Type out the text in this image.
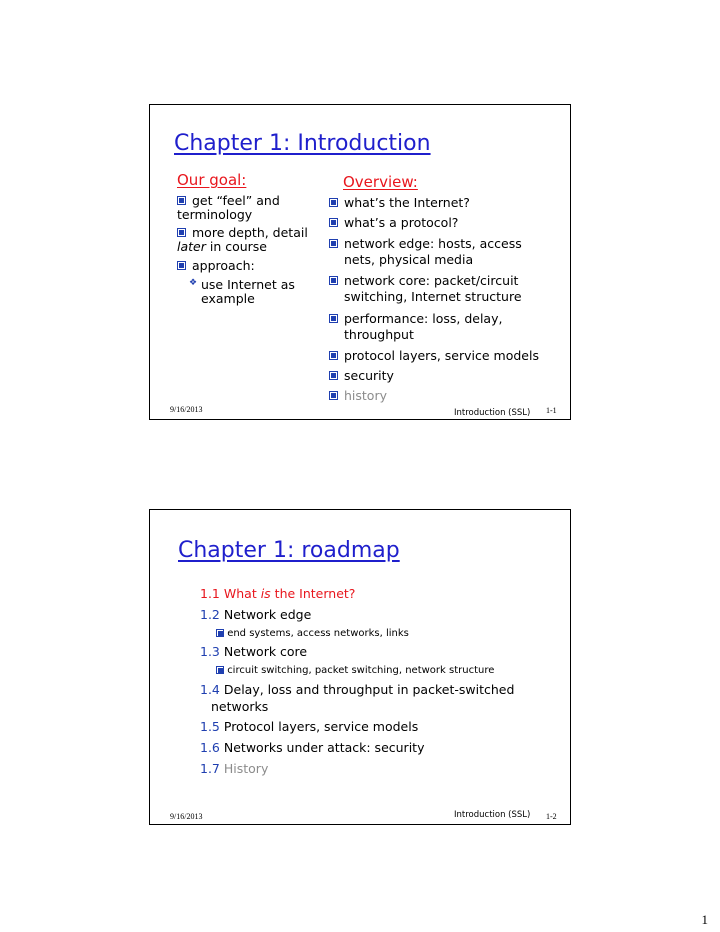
Chapter 1: Introduction
Our goal:	Overview:
get “feel” and
terminology
more depth, detail
later in course
approach:
❖ use Internet as
example
what’s the Internet?
what’s a protocol?
network edge: hosts, access
nets, physical media
network core: packet/circuit
switching, Internet structure
performance: loss, delay,
throughput
protocol layers, service models
security
history
9/16/2013	Introduction (SSL) 1-1
Chapter 1: roadmap
1.1 What is the Internet?
1.2 Network edge
end systems, access networks, links
1.3 Network core
circuit switching, packet switching, network structure
1.4 Delay, loss and throughput in packet-switched
networks
1.5 Protocol layers, service models
1.6 Networks under attack: security
1.7 History
9/16/2013	Introduction (SSL) 1-2
1
